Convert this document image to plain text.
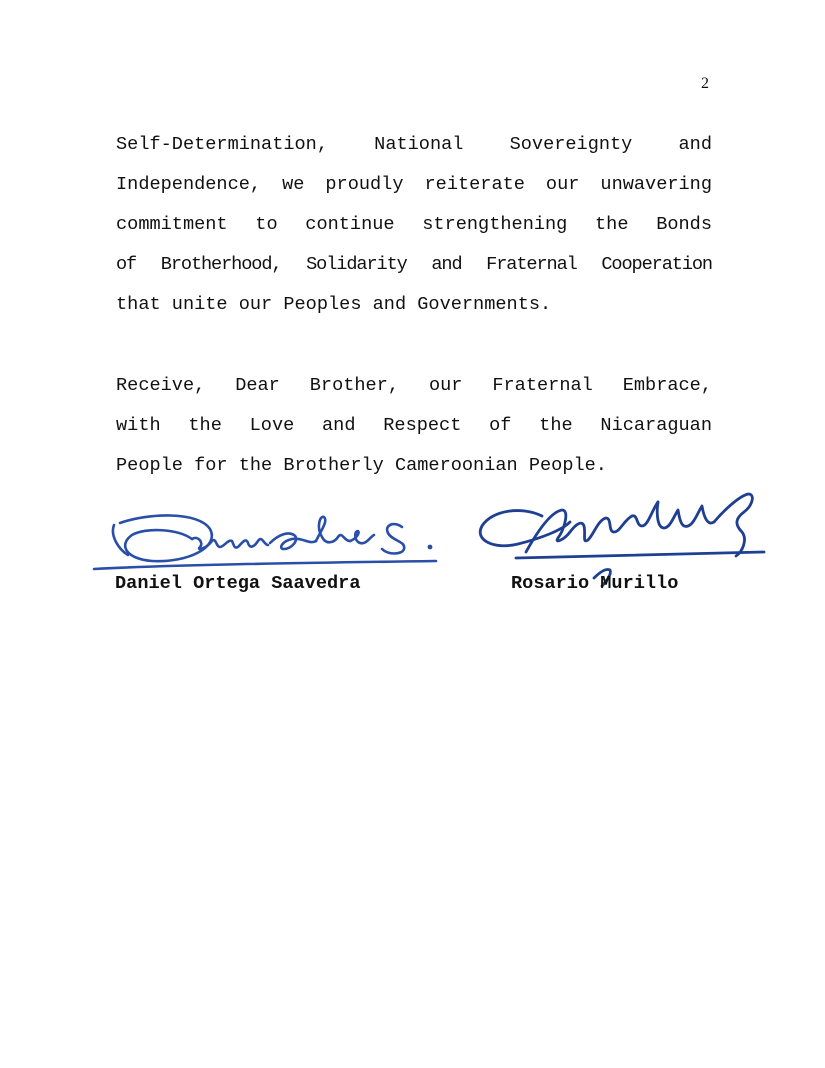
2

Self-Determination, National Sovereignty and
Independence, we proudly reiterate our unwavering
commitment to continue strengthening the Bonds
of Brotherhood, Solidarity and Fraternal Cooperation
that unite our Peoples and Governments.

Receive, Dear Brother, our Fraternal Embrace,
with the Love and Respect of the Nicaraguan
People for the Brotherly Cameroonian People.

Daniel Ortega Saavedra	Rosario Murillo
